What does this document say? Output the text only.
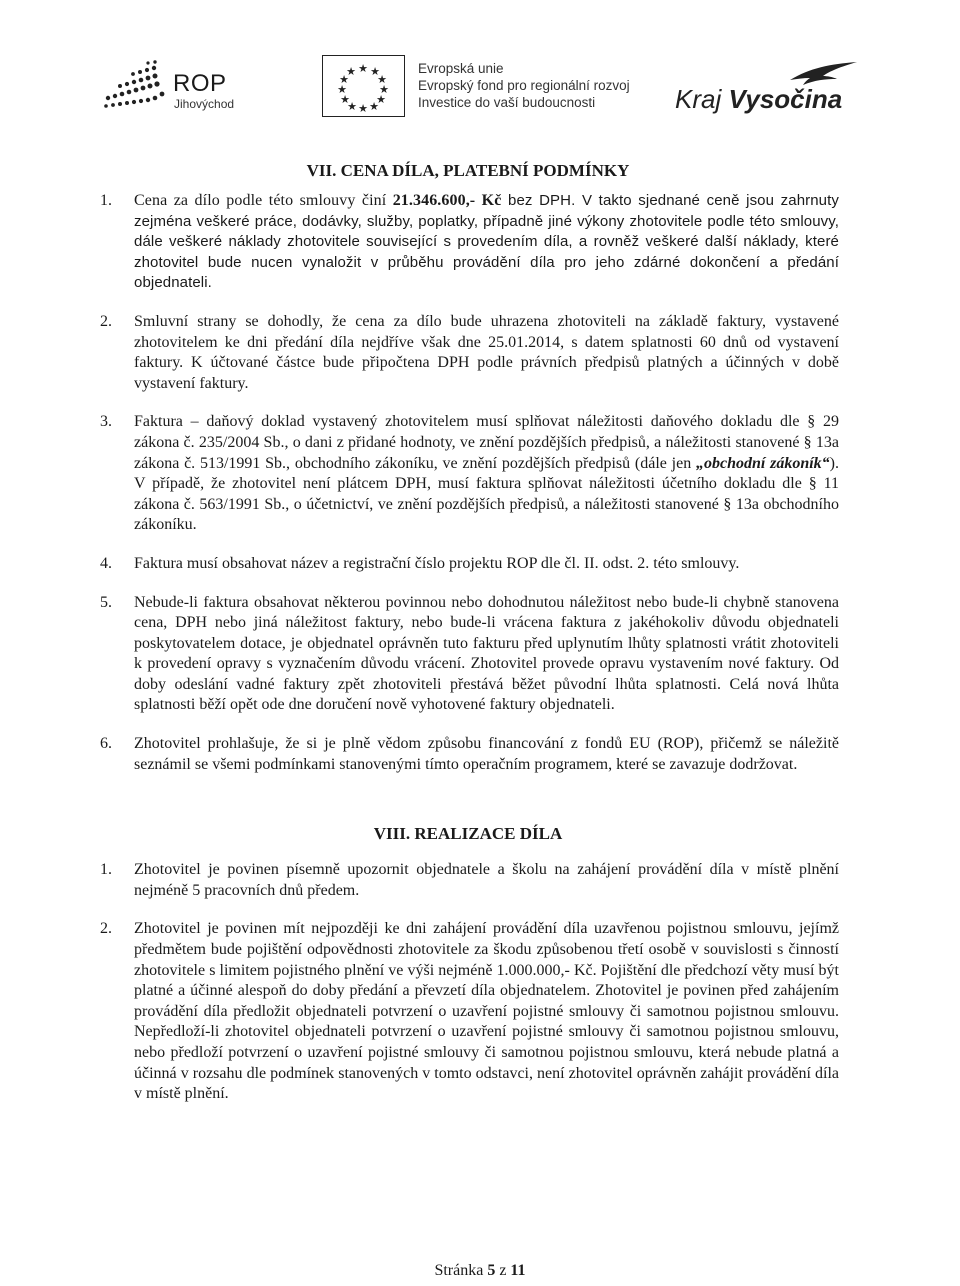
ROP
Jihovýchod
★ ★
★
★
★
★
★
★
★
★
★
★	Evropská unie
Evropský fond pro regionální rozvoj
Investice do vaší budoucnosti	Kraj Vysočina
VII. CENA DÍLA, PLATEBNÍ PODMÍNKY
1. Cena za dílo podle této smlouvy činí 21.346.600,- Kč bez DPH. V takto sjednané ceně jsou zahrnuty zejména veškeré práce, dodávky, služby, poplatky, případně jiné výkony zhotovitele podle této smlouvy, dále veškeré náklady zhotovitele související s provedením díla, a rovněž veškeré další náklady, které zhotovitel bude nucen vynaložit v průběhu provádění díla pro jeho zdárné dokončení a předání objednateli.
2. Smluvní strany se dohodly, že cena za dílo bude uhrazena zhotoviteli na základě faktury, vystavené zhotovitelem ke dni předání díla nejdříve však dne 25.01.2014, s datem splatnosti 60 dnů od vystavení faktury. K účtované částce bude připočtena DPH podle právních předpisů platných a účinných v době vystavení faktury.
3. Faktura – daňový doklad vystavený zhotovitelem musí splňovat náležitosti daňového dokladu dle § 29 zákona č. 235/2004 Sb., o dani z přidané hodnoty, ve znění pozdějších předpisů, a náležitosti stanovené § 13a zákona č. 513/1991 Sb., obchodního zákoníku, ve znění pozdějších předpisů (dále jen „obchodní zákoník“). V případě, že zhotovitel není plátcem DPH, musí faktura splňovat náležitosti účetního dokladu dle § 11 zákona č. 563/1991 Sb., o účetnictví, ve znění pozdějších předpisů, a náležitosti stanovené § 13a obchodního zákoníku.
4. Faktura musí obsahovat název a registrační číslo projektu ROP dle čl. II. odst. 2. této smlouvy.
5. Nebude-li faktura obsahovat některou povinnou nebo dohodnutou náležitost nebo bude-li chybně stanovena cena, DPH nebo jiná náležitost faktury, nebo bude-li vrácena faktura z jakéhokoliv důvodu objednateli poskytovatelem dotace, je objednatel oprávněn tuto fakturu před uplynutím lhůty splatnosti vrátit zhotoviteli k provedení opravy s vyznačením důvodu vrácení. Zhotovitel provede opravu vystavením nové faktury. Od doby odeslání vadné faktury zpět zhotoviteli přestává běžet původní lhůta splatnosti. Celá nová lhůta splatnosti běží opět ode dne doručení nově vyhotovené faktury objednateli.
6. Zhotovitel prohlašuje, že si je plně vědom způsobu financování z fondů EU (ROP), přičemž se náležitě seznámil se všemi podmínkami stanovenými tímto operačním programem, které se zavazuje dodržovat.
VIII. REALIZACE DÍLA
1. Zhotovitel je povinen písemně upozornit objednatele a školu na zahájení provádění díla v místě plnění nejméně 5 pracovních dnů předem.
2. Zhotovitel je povinen mít nejpozději ke dni zahájení provádění díla uzavřenou pojistnou smlouvu, jejímž předmětem bude pojištění odpovědnosti zhotovitele za škodu způsobenou třetí osobě v souvislosti s činností zhotovitele s limitem pojistného plnění ve výši nejméně 1.000.000,- Kč. Pojištění dle předchozí věty musí být platné a účinné alespoň do doby předání a převzetí díla objednatelem. Zhotovitel je povinen před zahájením provádění díla předložit objednateli potvrzení o uzavření pojistné smlouvy či samotnou pojistnou smlouvu. Nepředloží-li zhotovitel objednateli potvrzení o uzavření pojistné smlouvy či samotnou pojistnou smlouvu, nebo předloží potvrzení o uzavření pojistné smlouvy či samotnou pojistnou smlouvu, která nebude platná a účinná v rozsahu dle podmínek stanovených v tomto odstavci, není zhotovitel oprávněn zahájit provádění díla v místě plnění.
Stránka 5 z 11
